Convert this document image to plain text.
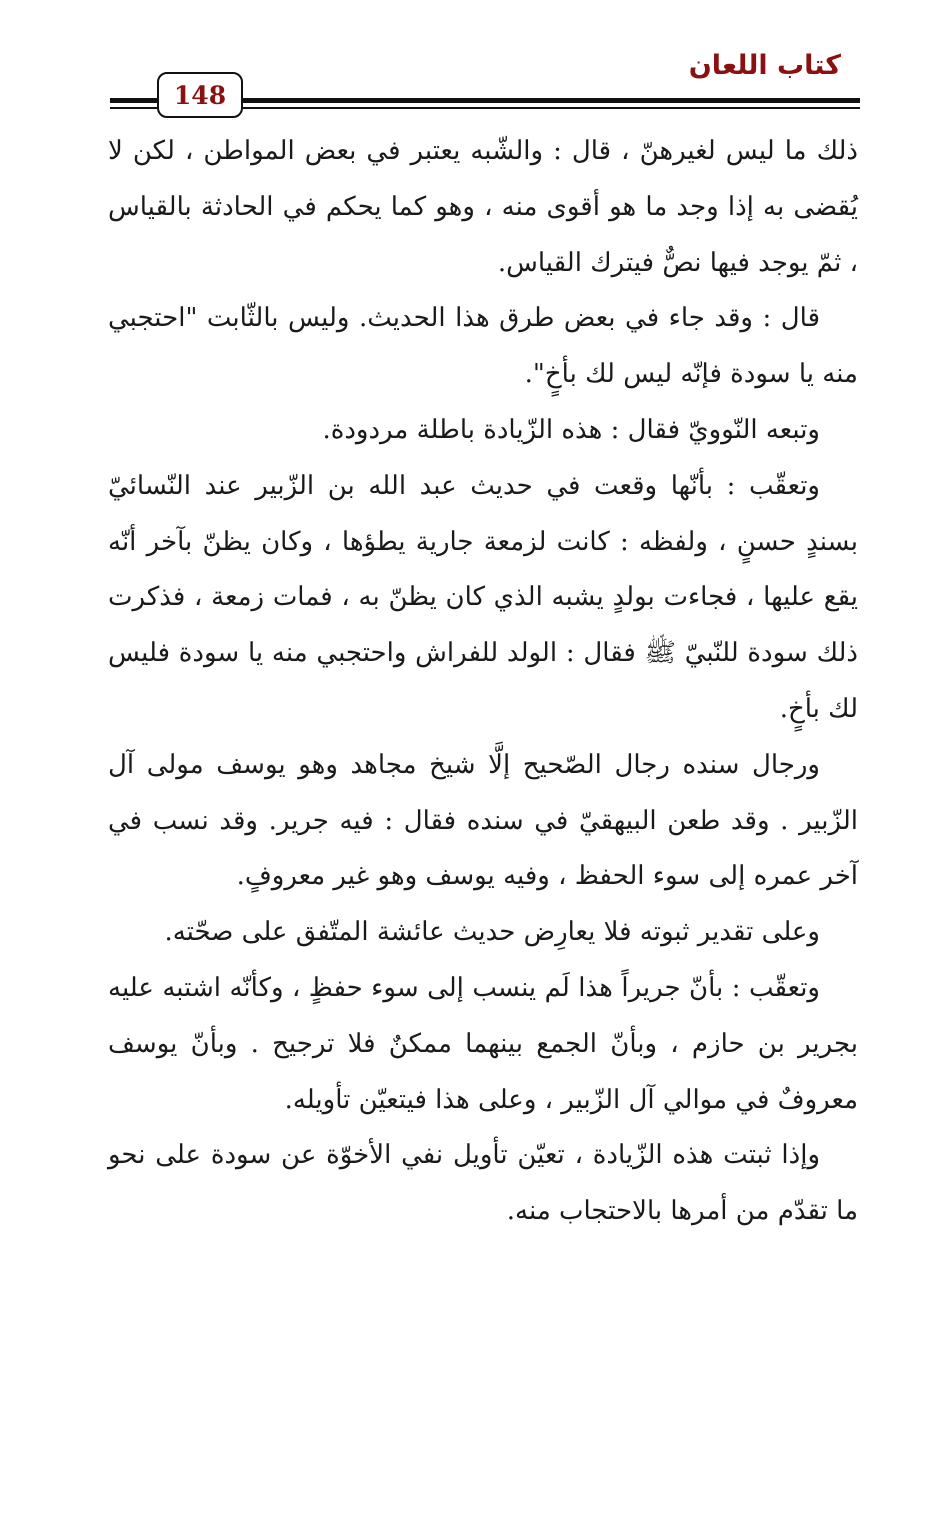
كتاب اللعان
148

ذلك ما ليس لغيرهنّ ، قال : والشّبه يعتبر في بعض المواطن ، لكن لا يُقضى به إذا وجد ما هو أقوى منه ، وهو كما يحكم في الحادثة بالقياس ، ثمّ يوجد فيها نصٌّ فيترك القياس.

قال : وقد جاء في بعض طرق هذا الحديث. وليس بالثّابت "احتجبي منه يا سودة فإنّه ليس لك بأخٍ".

وتبعه النّوويّ فقال : هذه الزّيادة باطلة مردودة.

وتعقّب : بأنّها وقعت في حديث عبد الله بن الزّبير عند النّسائيّ بسندٍ حسنٍ ، ولفظه : كانت لزمعة جارية يطؤها ، وكان يظنّ بآخر أنّه يقع عليها ، فجاءت بولدٍ يشبه الذي كان يظنّ به ، فمات زمعة ، فذكرت ذلك سودة للنّبيّ ﷺ فقال : الولد للفراش واحتجبي منه يا سودة فليس لك بأخٍ.

ورجال سنده رجال الصّحيح إلَّا شيخ مجاهد وهو يوسف مولى آل الزّبير . وقد طعن البيهقيّ في سنده فقال : فيه جرير. وقد نسب في آخر عمره إلى سوء الحفظ ، وفيه يوسف وهو غير معروفٍ.

وعلى تقدير ثبوته فلا يعارِض حديث عائشة المتّفق على صحّته.

وتعقّب : بأنّ جريراً هذا لَم ينسب إلى سوء حفظٍ ، وكأنّه اشتبه عليه بجرير بن حازم ، وبأنّ الجمع بينهما ممكنٌ فلا ترجيح . وبأنّ يوسف معروفٌ في موالي آل الزّبير ، وعلى هذا فيتعيّن تأويله.

وإذا ثبتت هذه الزّيادة ، تعيّن تأويل نفي الأخوّة عن سودة على نحو ما تقدّم من أمرها بالاحتجاب منه.
